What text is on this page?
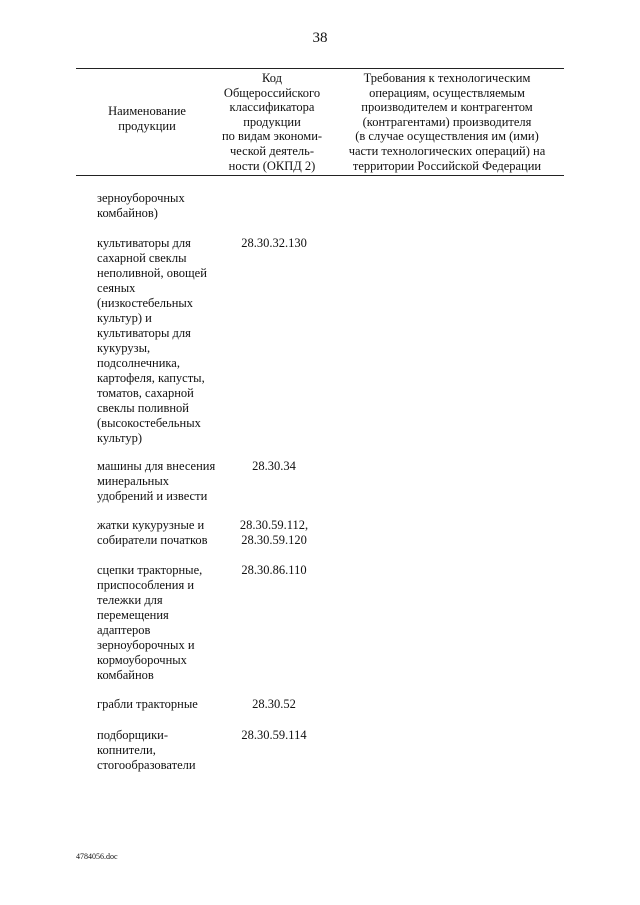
38
Наименование
продукции
Код
Общероссийского
классификатора
продукции
по видам экономи-
ческой деятель-
ности (ОКПД 2)
Требования к технологическим
операциям, осуществляемым
производителем и контрагентом
(контрагентами) производителя
(в случае осуществления им (ими)
части технологических операций) на
территории Российской Федерации
зерноуборочных
комбайнов)
культиваторы для
сахарной свеклы
неполивной, овощей
сеяных
(низкостебельных
культур) и
культиваторы для
кукурузы,
подсолнечника,
картофеля, капусты,
томатов, сахарной
свеклы поливной
(высокостебельных
культур)
28.30.32.130
машины для внесения
минеральных
удобрений и извести
28.30.34
жатки кукурузные и
собиратели початков
28.30.59.112,
28.30.59.120
сцепки тракторные,
приспособления и
тележки для
перемещения
адаптеров
зерноуборочных и
кормоуборочных
комбайнов
28.30.86.110
грабли тракторные	28.30.52
подборщики-
копнители,
стогообразователи
28.30.59.114
4784056.doc
